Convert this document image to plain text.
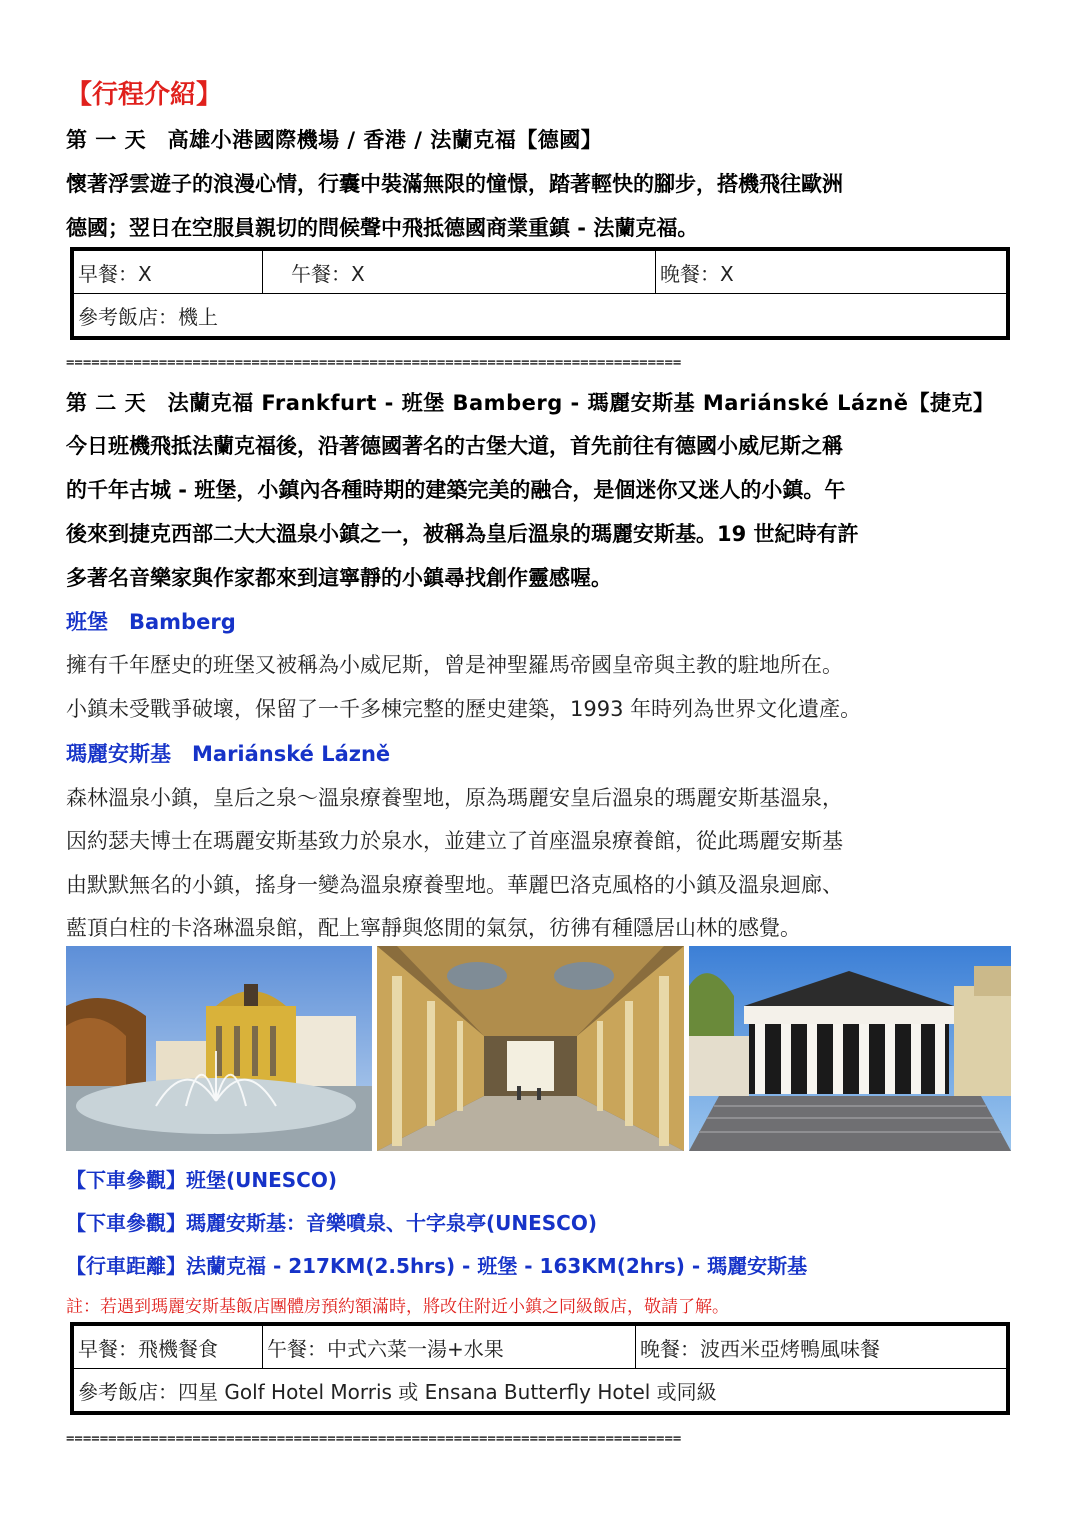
【行程介紹】
第 一 天　高雄小港國際機場 / 香港 / 法蘭克福【德國】
懷著浮雲遊子的浪漫心情，行囊中裝滿無限的憧憬，踏著輕快的腳步，搭機飛往歐洲
德國；翌日在空服員親切的問候聲中飛抵德國商業重鎮 - 法蘭克福。
早餐：X	午餐：X	晚餐：X
參考飯店：機上
=========================================================================
第 二 天　法蘭克福 Frankfurt - 班堡 Bamberg - 瑪麗安斯基 Mariánské Lázně【捷克】
今日班機飛抵法蘭克福後，沿著德國著名的古堡大道，首先前往有德國小威尼斯之稱
的千年古城 - 班堡，小鎮內各種時期的建築完美的融合，是個迷你又迷人的小鎮。午
後來到捷克西部二大大溫泉小鎮之一，被稱為皇后溫泉的瑪麗安斯基。19 世紀時有許
多著名音樂家與作家都來到這寧靜的小鎮尋找創作靈感喔。
班堡　Bamberg
擁有千年歷史的班堡又被稱為小威尼斯，曾是神聖羅馬帝國皇帝與主教的駐地所在。
小鎮未受戰爭破壞，保留了一千多棟完整的歷史建築，1993 年時列為世界文化遺產。
瑪麗安斯基　Mariánské Lázně
森林溫泉小鎮，皇后之泉～溫泉療養聖地，原為瑪麗安皇后溫泉的瑪麗安斯基溫泉，
因約瑟夫博士在瑪麗安斯基致力於泉水，並建立了首座溫泉療養館，從此瑪麗安斯基
由默默無名的小鎮，搖身一變為溫泉療養聖地。華麗巴洛克風格的小鎮及溫泉迴廊、
藍頂白柱的卡洛琳溫泉館，配上寧靜與悠閒的氣氛，彷彿有種隱居山林的感覺。
【下車參觀】班堡(UNESCO)
【下車參觀】瑪麗安斯基：音樂噴泉、十字泉亭(UNESCO)
【行車距離】法蘭克福 - 217KM(2.5hrs) - 班堡 - 163KM(2hrs) - 瑪麗安斯基
註：若遇到瑪麗安斯基飯店團體房預約額滿時，將改住附近小鎮之同級飯店，敬請了解。
早餐：飛機餐食	午餐：中式六菜一湯+水果	晚餐：波西米亞烤鴨風味餐
參考飯店：四星 Golf Hotel Morris 或 Ensana Butterfly Hotel 或同級
=========================================================================
